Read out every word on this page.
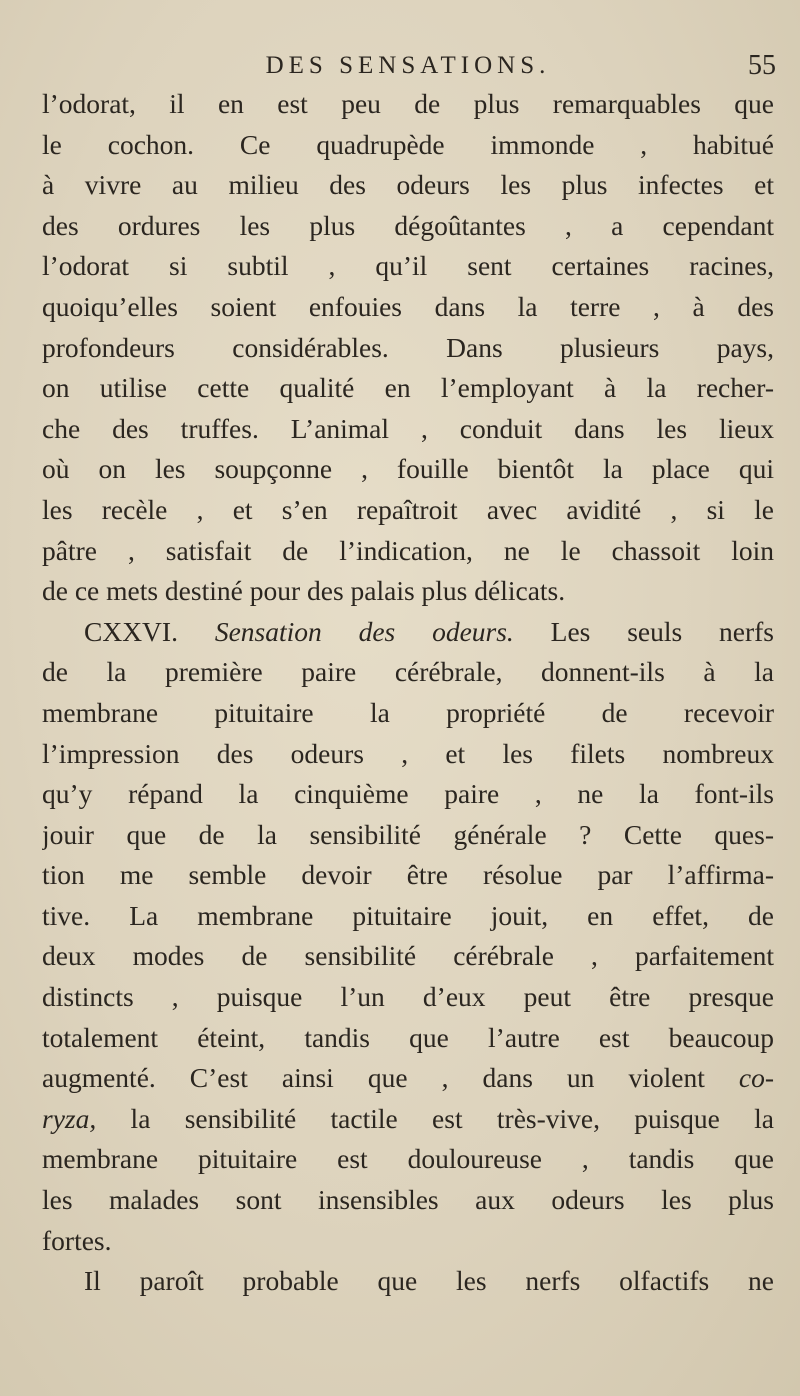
DES SENSATIONS.	55
l’odorat, il en est peu de plus remarquables que
le cochon. Ce quadrupède immonde , habitué
à vivre au milieu des odeurs les plus infectes et
des ordures les plus dégoûtantes , a cependant
l’odorat si subtil , qu’il sent certaines racines,
quoiqu’elles soient enfouies dans la terre , à des
profondeurs considérables. Dans plusieurs pays,
on utilise cette qualité en l’employant à la recher-
che des truffes. L’animal , conduit dans les lieux
où on les soupçonne , fouille bientôt la place qui
les recèle , et s’en repaîtroit avec avidité , si le
pâtre , satisfait de l’indication, ne le chassoit loin
de ce mets destiné pour des palais plus délicats.
CXXVI. Sensation des odeurs. Les seuls nerfs
de la première paire cérébrale, donnent-ils à la
membrane pituitaire la propriété de recevoir
l’impression des odeurs , et les filets nombreux
qu’y répand la cinquième paire , ne la font-ils
jouir que de la sensibilité générale ? Cette ques-
tion me semble devoir être résolue par l’affirma-
tive. La membrane pituitaire jouit, en effet, de
deux modes de sensibilité cérébrale , parfaitement
distincts , puisque l’un d’eux peut être presque
totalement éteint, tandis que l’autre est beaucoup
augmenté. C’est ainsi que , dans un violent co-
ryza, la sensibilité tactile est très-vive, puisque la
membrane pituitaire est douloureuse , tandis que
les malades sont insensibles aux odeurs les plus
fortes.
Il paroît probable que les nerfs olfactifs ne
